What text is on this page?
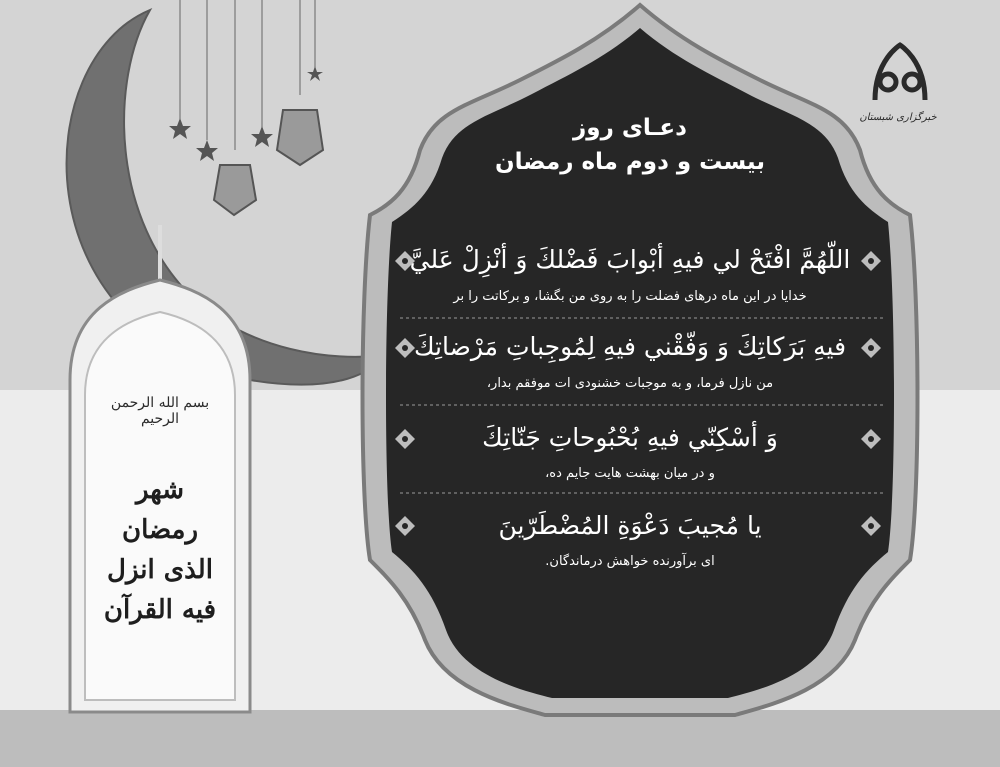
دعـای روز
بیست و دوم ماه رمضان
اللّهُمَّ افْتَحْ لي فيهِ أبْوابَ فَضْلكَ وَ أنْزِلْ عَليَّ
خدایا در این ماه درهای فضلت را به روی من بگشا، و برکاتت را بر
فيهِ بَرَكاتِكَ وَ وَفّقْني فيهِ لِمُوجِباتِ مَرْضاتِكَ
من نازل فرما، و به موجبات خشنودی ات موفقم بدار،
وَ أسْكِنّي فيهِ بُحْبُوحاتِ جَنّاتِكَ
و در میان بهشت هایت جایم ده،
يا مُجيبَ دَعْوَةِ المُضْطَرّينَ
ای برآورنده خواهش درماندگان.
بسم الله الرحمن الرحیم
شهر رمضان الذی انزل فیه القرآن
خبرگزاری شبستان
